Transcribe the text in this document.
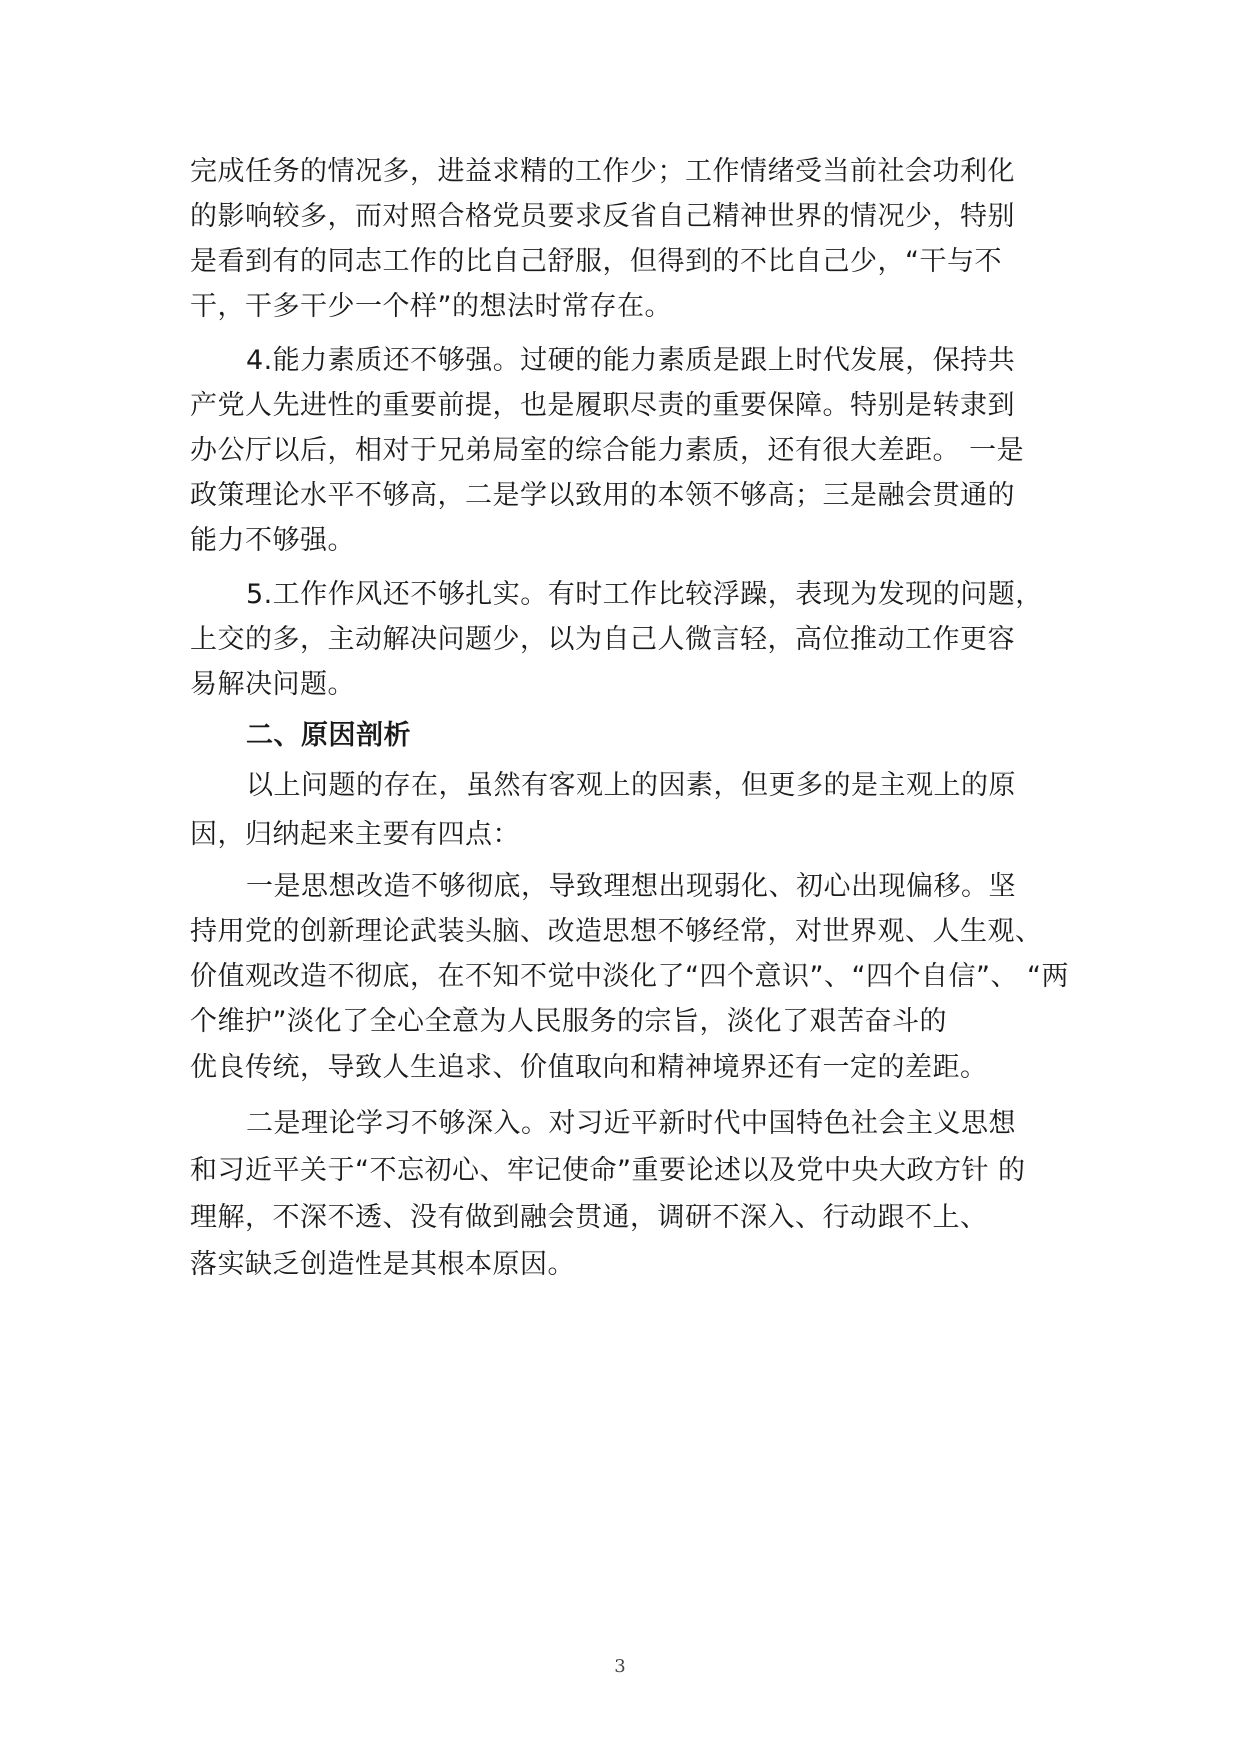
完成任务的情况多，进益求精的工作少；工作情绪受当前社会功利化
的影响较多，而对照合格党员要求反省自己精神世界的情况少，特别
是看到有的同志工作的比自己舒服，但得到的不比自己少，“干与不
干，干多干少一个样”的想法时常存在。
4.能力素质还不够强。过硬的能力素质是跟上时代发展，保持共
产党人先进性的重要前提，也是履职尽责的重要保障。特别是转隶到
办公厅以后，相对于兄弟局室的综合能力素质，还有很大差距。 一是
政策理论水平不够高，二是学以致用的本领不够高；三是融会贯通的
能力不够强。
5.工作作风还不够扎实。有时工作比较浮躁，表现为发现的问题，
上交的多，主动解决问题少，以为自己人微言轻，高位推动工作更容
易解决问题。
二、原因剖析
以上问题的存在，虽然有客观上的因素，但更多的是主观上的原
因，归纳起来主要有四点：
一是思想改造不够彻底，导致理想出现弱化、初心出现偏移。坚
持用党的创新理论武装头脑、改造思想不够经常，对世界观、人生观、
价值观改造不彻底，在不知不觉中淡化了“四个意识”、“四个自信”、 “两
个维护”淡化了全心全意为人民服务的宗旨，淡化了艰苦奋斗的
优良传统，导致人生追求、价值取向和精神境界还有一定的差距。
二是理论学习不够深入。对习近平新时代中国特色社会主义思想
和习近平关于“不忘初心、牢记使命”重要论述以及党中央大政方针 的
理解，不深不透、没有做到融会贯通，调研不深入、行动跟不上、
落实缺乏创造性是其根本原因。
3
